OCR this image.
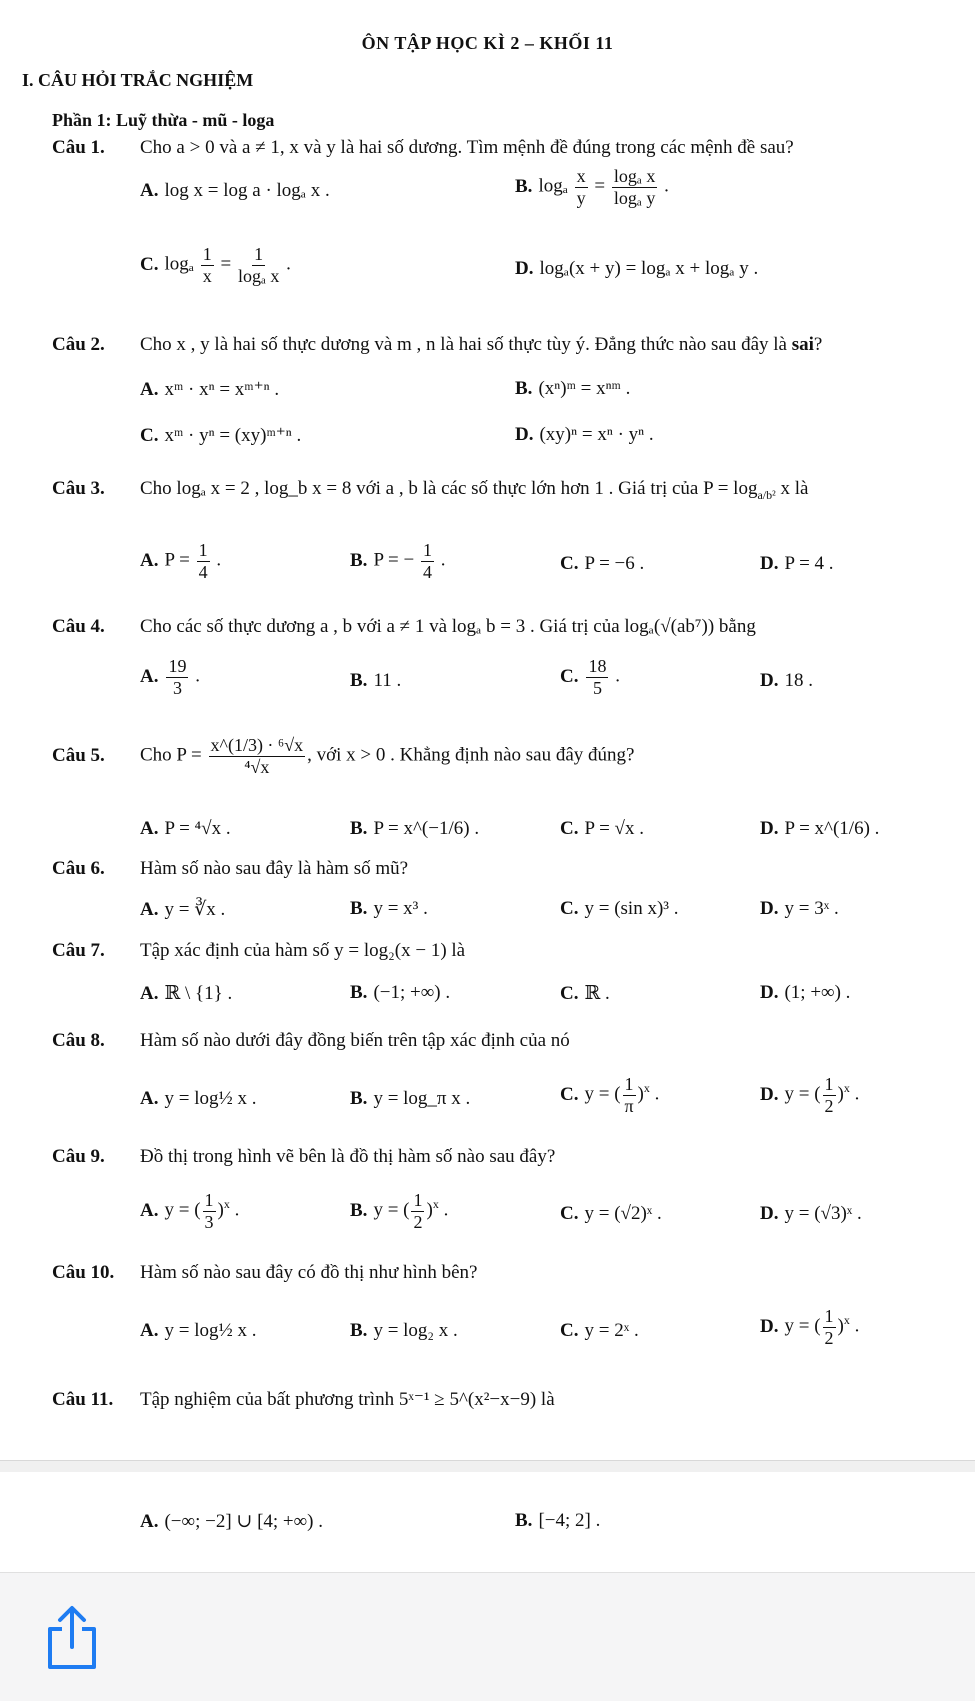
ÔN TẬP HỌC KÌ 2 – KHỐI 11
I. CÂU HỎI TRẮC NGHIỆM
Phần 1: Luỹ thừa - mũ - loga
Câu 1. Cho a > 0 và a ≠ 1, x và y là hai số dương. Tìm mệnh đề đúng trong các mệnh đề sau?
A. log x = log a · logₐ x .	B. logₐ $\frac{x}{y} = \frac{\text{logₐ x}}{\text{logₐ y}}$ .
C. logₐ $\frac{1}{x} = \frac{1}{\text{logₐ x}}$ .	D. logₐ(x + y) = logₐ x + logₐ y .
Câu 2. Cho x , y là hai số thực dương và m , n là hai số thực tùy ý. Đẳng thức nào sau đây là sai?
A. xᵐ · xⁿ = xᵐ⁺ⁿ .	B. (xⁿ)ᵐ = xⁿᵐ .
C. xᵐ · yⁿ = (xy)ᵐ⁺ⁿ .	D. (xy)ⁿ = xⁿ · yⁿ .
Câu 3. Cho logₐ x = 2 , log_b x = 8 với a , b là các số thực lớn hơn 1 . Giá trị của $P = \log_{a/b^2} x$ là
A. $P = \frac{1}{4}$ .	B. P = − $\frac{1}{4}$ .	C. P = −6 .	D. P = 4 .
Câu 4. Cho các số thực dương a , b với a ≠ 1 và logₐ b = 3 . Giá trị của logₐ(√(ab⁷)) bằng
A. $\frac{19}{3}$ .	B. 11 .	C. $\frac{18}{5}$ .	D. 18 .
Câu 5. Cho $P = \frac{\text{x\textasciicircum{}(1/3) · ⁶√x}}{\text{⁴√x}}$ , với x > 0 . Khẳng định nào sau đây đúng?
A. P = ⁴√x .	B. P = x^(−1/6) .	C. P = √x .	D. P = x^(1/6) .
Câu 6. Hàm số nào sau đây là hàm số mũ?
A. y = ∛x .	B. y = x³ .	C. y = (sin x)³ .	D. y = 3ˣ .
Câu 7. Tập xác định của hàm số y = log₂(x − 1) là
A. ℝ \ {1} .	B. (−1; +∞) .	C. ℝ .	D. (1; +∞) .
Câu 8. Hàm số nào dưới đây đồng biến trên tập xác định của nó
A. y = log½ x .	B. y = log_π x .	C. y = ( $\frac{1}{\pi} )^x$ .	D. y = ( $\frac{1}{2} )^x$ .
Câu 9. Đồ thị trong hình vẽ bên là đồ thị hàm số nào sau đây?
A. y = ( $\frac{1}{3} )^x$ .	B. y = ( $\frac{1}{2} )^x$ .	C. y = (√2)ˣ .	D. y = (√3)ˣ .
Câu 10. Hàm số nào sau đây có đồ thị như hình bên?
A. y = log½ x .	B. y = log₂ x .	C. y = 2ˣ .	D. y = ( $\frac{1}{2} )^x$ .
Câu 11. Tập nghiệm của bất phương trình 5ˣ⁻¹ ≥ 5^(x²−x−9) là
A. (−∞; −2] ∪ [4; +∞) .	B. [−4; 2] .
